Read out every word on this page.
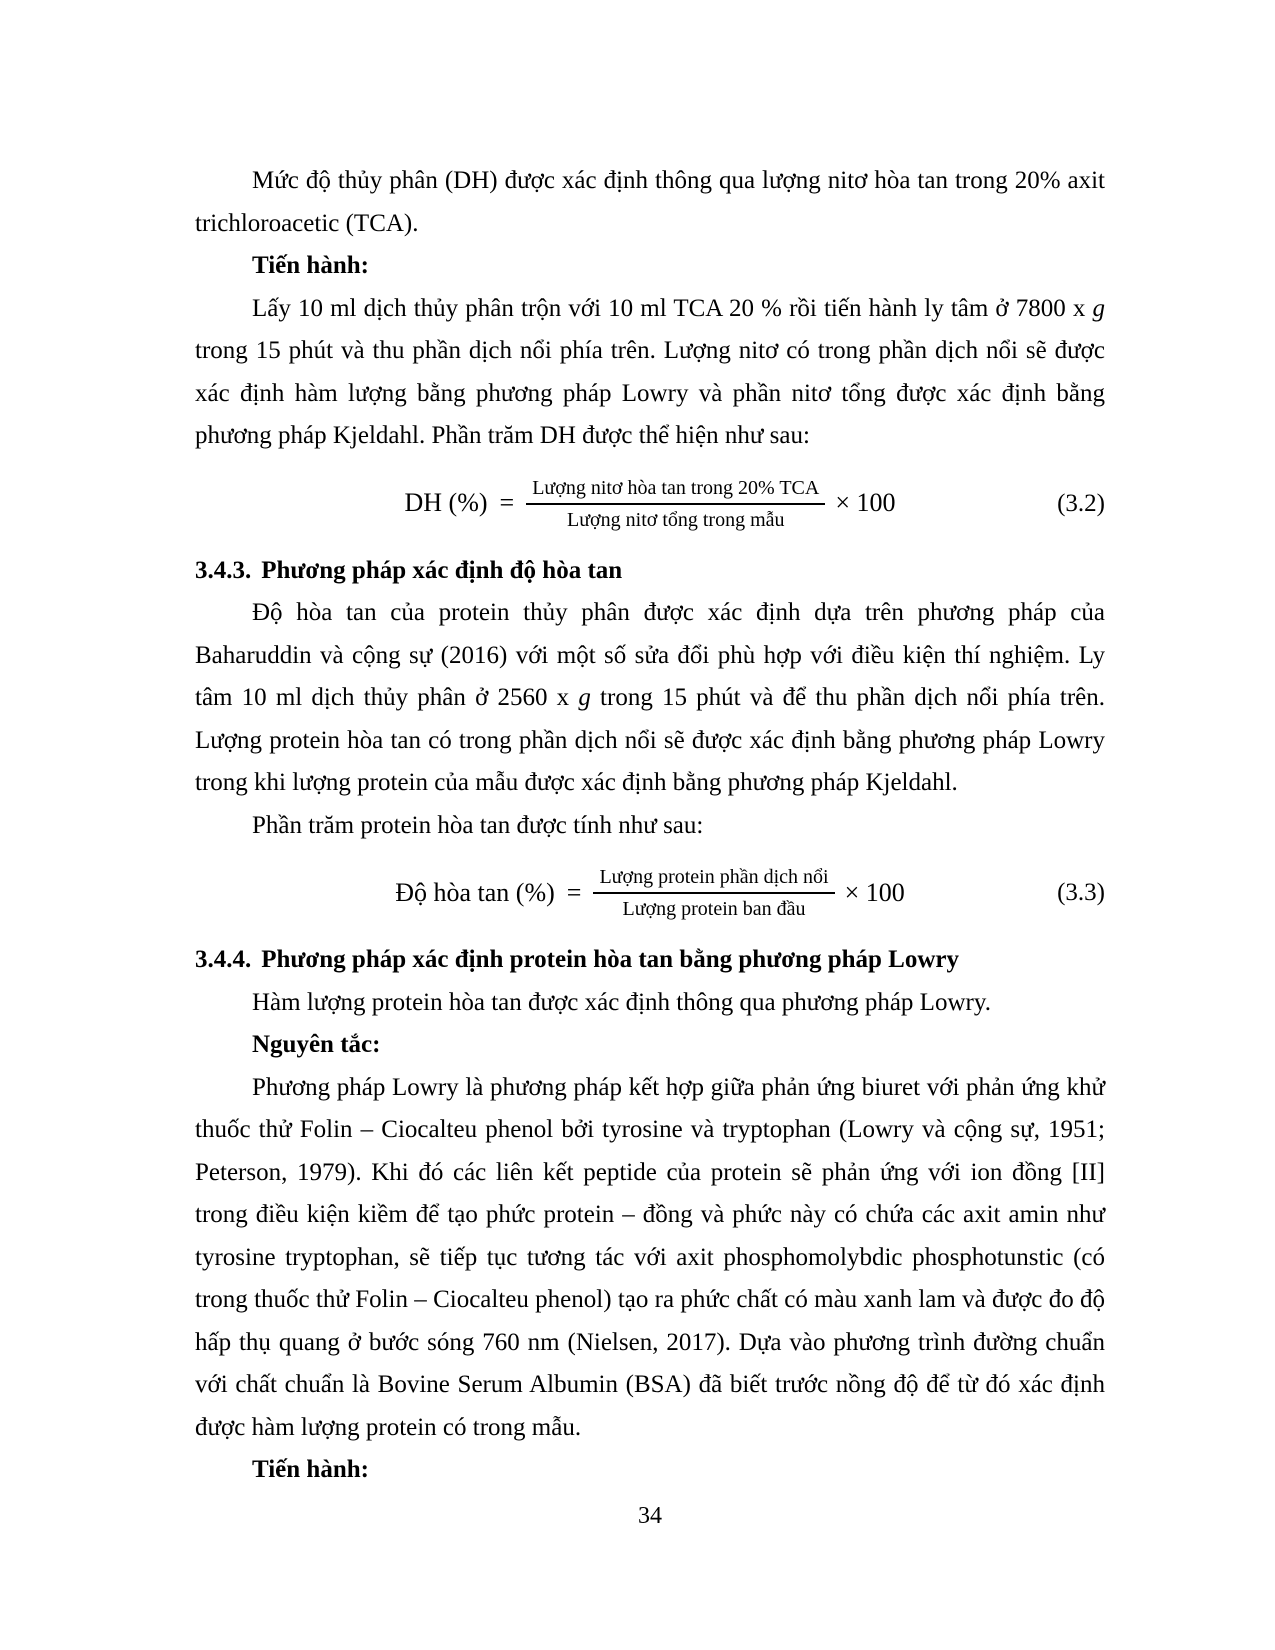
Mức độ thủy phân (DH) được xác định thông qua lượng nitơ hòa tan trong 20% axit trichloroacetic (TCA).

Tiến hành:

Lấy 10 ml dịch thủy phân trộn với 10 ml TCA 20 % rồi tiến hành ly tâm ở 7800 x g trong 15 phút và thu phần dịch nổi phía trên. Lượng nitơ có trong phần dịch nổi sẽ được xác định hàm lượng bằng phương pháp Lowry và phần nitơ tổng được xác định bằng phương pháp Kjeldahl. Phần trăm DH được thể hiện như sau:

DH (%) = $\frac{\text{Lượng nitơ hòa tan trong 20\% TCA}}{\text{Lượng nitơ tổng trong mẫu}} \times 100$	(3.2)
3.4.3. Phương pháp xác định độ hòa tan

Độ hòa tan của protein thủy phân được xác định dựa trên phương pháp của Baharuddin và cộng sự (2016) với một số sửa đổi phù hợp với điều kiện thí nghiệm. Ly tâm 10 ml dịch thủy phân ở 2560 x g trong 15 phút và để thu phần dịch nổi phía trên. Lượng protein hòa tan có trong phần dịch nổi sẽ được xác định bằng phương pháp Lowry trong khi lượng protein của mẫu được xác định bằng phương pháp Kjeldahl.

Phần trăm protein hòa tan được tính như sau:

Độ hòa tan (%) = $\frac{\text{Lượng protein phần dịch nổi}}{\text{Lượng protein ban đầu}} \times 100$	(3.3)
3.4.4. Phương pháp xác định protein hòa tan bằng phương pháp Lowry

Hàm lượng protein hòa tan được xác định thông qua phương pháp Lowry.

Nguyên tắc:

Phương pháp Lowry là phương pháp kết hợp giữa phản ứng biuret với phản ứng khử thuốc thử Folin – Ciocalteu phenol bởi tyrosine và tryptophan (Lowry và cộng sự, 1951; Peterson, 1979). Khi đó các liên kết peptide của protein sẽ phản ứng với ion đồng [II] trong điều kiện kiềm để tạo phức protein – đồng và phức này có chứa các axit amin như tyrosine tryptophan, sẽ tiếp tục tương tác với axit phosphomolybdic phosphotunstic (có trong thuốc thử Folin – Ciocalteu phenol) tạo ra phức chất có màu xanh lam và được đo độ hấp thụ quang ở bước sóng 760 nm (Nielsen, 2017). Dựa vào phương trình đường chuẩn với chất chuẩn là Bovine Serum Albumin (BSA) đã biết trước nồng độ để từ đó xác định được hàm lượng protein có trong mẫu.

Tiến hành:

34
